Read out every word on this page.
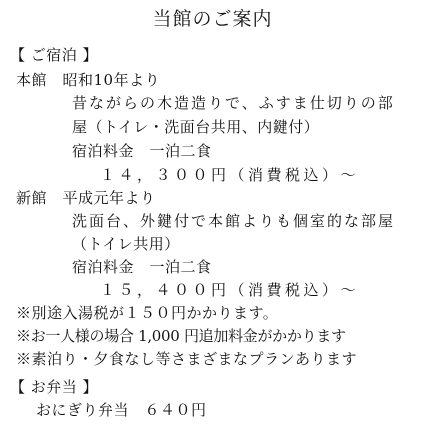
当館のご案内
【 ご宿泊 】
本館　昭和10年より
昔ながらの木造造りで、ふすま仕切りの部
屋（トイレ・洗面台共用、内鍵付）
宿泊料金　一泊二食
１４，３００円（消費税込）～
新館　平成元年より
洗面台、外鍵付で本館よりも個室的な部屋
（トイレ共用）
宿泊料金　一泊二食
１５，４００円（消費税込）～
※別途入湯税が１５０円かかります。
※お一人様の場合 1,000 円追加料金がかかります
※素泊り・夕食なし等さまざまなプランあります
【 お弁当 】
おにぎり弁当　６４０円
